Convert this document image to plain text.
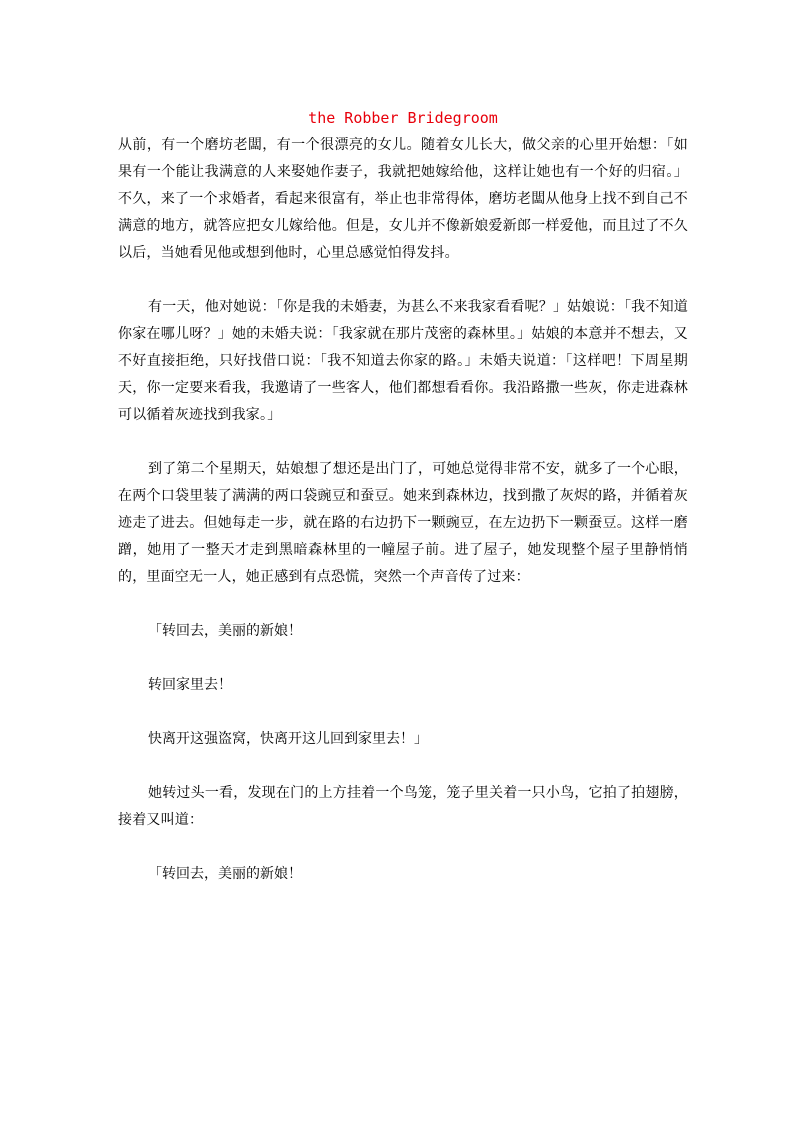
the Robber Bridegroom

从前，有一个磨坊老闆，有一个很漂亮的女儿。随着女儿长大，做父亲的心里开始想：「如果有一个能让我满意的人来娶她作妻子，我就把她嫁给他，这样让她也有一个好的归宿。」不久，来了一个求婚者，看起来很富有，举止也非常得体，磨坊老闆从他身上找不到自己不满意的地方，就答应把女儿嫁给他。但是，女儿并不像新娘爱新郎一样爱他，而且过了不久以后，当她看见他或想到他时，心里总感觉怕得发抖。

有一天，他对她说：「你是我的未婚妻，为甚么不来我家看看呢？」姑娘说：「我不知道你家在哪儿呀？」她的未婚夫说：「我家就在那片茂密的森林里。」姑娘的本意并不想去，又不好直接拒绝，只好找借口说：「我不知道去你家的路。」未婚夫说道：「这样吧！下周星期天，你一定要来看我，我邀请了一些客人，他们都想看看你。我沿路撒一些灰，你走进森林可以循着灰迹找到我家。」

到了第二个星期天，姑娘想了想还是出门了，可她总觉得非常不安，就多了一个心眼，在两个口袋里装了满满的两口袋豌豆和蚕豆。她来到森林边，找到撒了灰烬的路，并循着灰迹走了进去。但她每走一步，就在路的右边扔下一颗豌豆，在左边扔下一颗蚕豆。这样一磨蹭，她用了一整天才走到黑暗森林里的一幢屋子前。进了屋子，她发现整个屋子里静悄悄的，里面空无一人，她正感到有点恐慌，突然一个声音传了过来：

「转回去，美丽的新娘！

转回家里去！

快离开这强盗窝，快离开这儿回到家里去！」

她转过头一看，发现在门的上方挂着一个鸟笼，笼子里关着一只小鸟，它拍了拍翅膀，接着又叫道：

「转回去，美丽的新娘！
